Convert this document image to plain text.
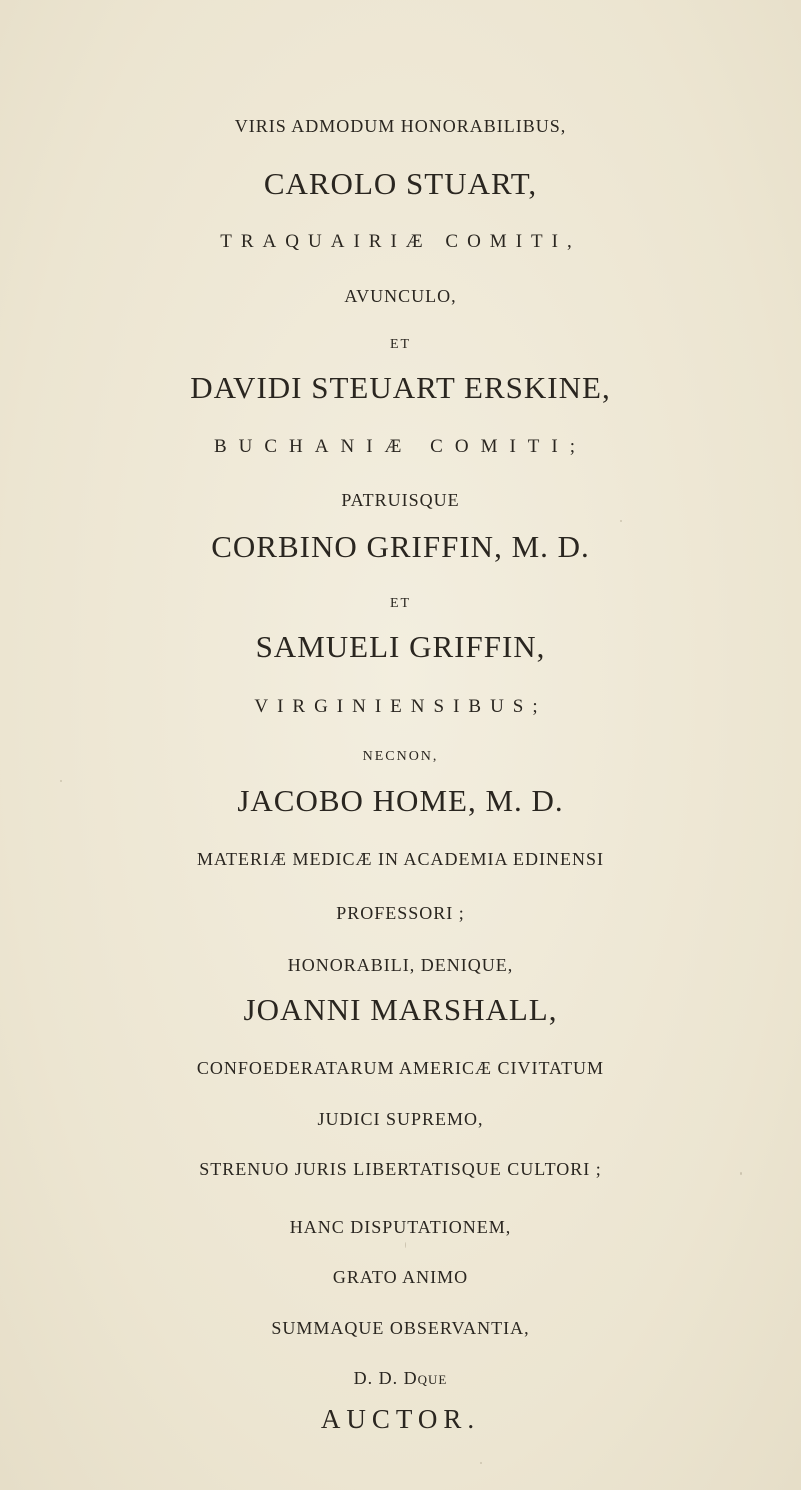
VIRIS ADMODUM HONORABILIBUS,
CAROLO STUART,
TRAQUAIRIÆ COMITI,
AVUNCULO,
ET
DAVIDI STEUART ERSKINE,
BUCHANIÆ COMITI;
PATRUISQUE
CORBINO GRIFFIN, M. D.
ET
SAMUELI GRIFFIN,
VIRGINIENSIBUS;
NECNON,
JACOBO HOME, M. D.
MATERIÆ MEDICÆ IN ACADEMIA EDINENSI
PROFESSORI ;
HONORABILI, DENIQUE,
JOANNI MARSHALL,
CONFOEDERATARUM AMERICÆ CIVITATUM
JUDICI SUPREMO,
STRENUO JURIS LIBERTATISQUE CULTORI ;
HANC DISPUTATIONEM,
GRATO ANIMO
SUMMAQUE OBSERVANTIA,
D. D. Dque
AUCTOR.
